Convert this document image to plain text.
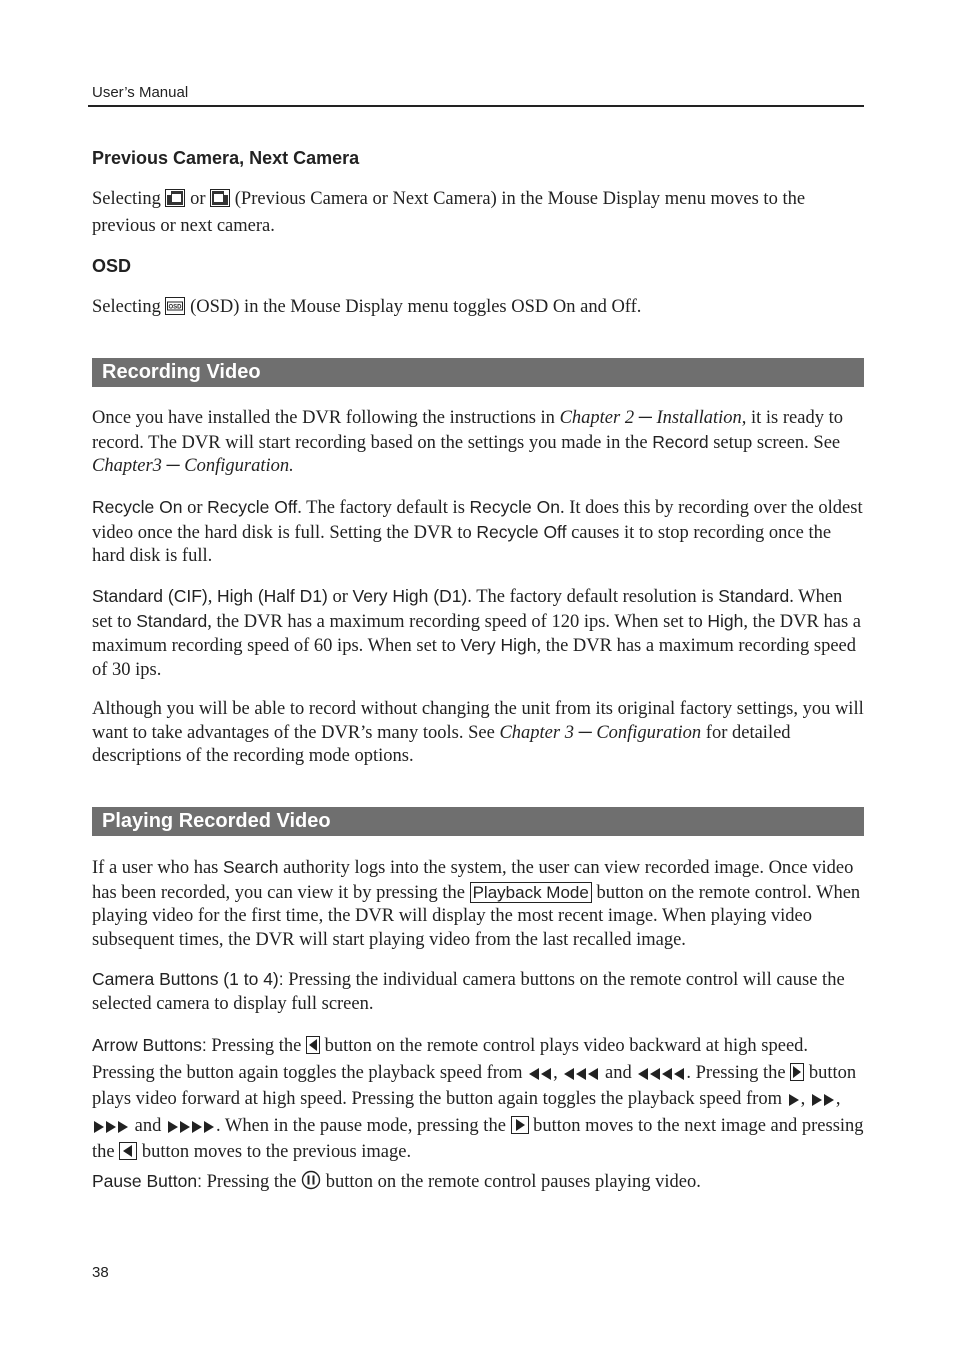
User’s Manual
Previous Camera, Next Camera

Selecting  or  (Previous Camera or Next Camera) in the Mouse Display menu moves to the previous or next camera.

OSD

Selecting OSD (OSD) in the Mouse Display menu toggles OSD On and Off.

Recording Video

Once you have installed the DVR following the instructions in Chapter 2 ─ Installation, it is ready to record. The DVR will start recording based on the settings you made in the Record setup screen. See Chapter3 ─ Configuration.

Recycle On or Recycle Off. The factory default is Recycle On. It does this by recording over the oldest video once the hard disk is full. Setting the DVR to Recycle Off causes it to stop recording once the hard disk is full.

Standard (CIF), High (Half D1) or Very High (D1). The factory default resolution is Standard. When set to Standard, the DVR has a maximum recording speed of 120 ips. When set to High, the DVR has a maximum recording speed of 60 ips. When set to Very High, the DVR has a maximum recording speed of 30 ips.

Although you will be able to record without changing the unit from its original factory settings, you will want to take advantages of the DVR’s many tools. See Chapter 3 ─ Configuration for detailed descriptions of the recording mode options.

Playing Recorded Video

If a user who has Search authority logs into the system, the user can view recorded image. Once video has been recorded, you can view it by pressing the Playback Mode button on the remote control. When playing video for the first time, the DVR will display the most recent image. When playing video subsequent times, the DVR will start playing video from the last recalled image.

Camera Buttons (1 to 4): Pressing the individual camera buttons on the remote control will cause the selected camera to display full screen.

Arrow Buttons: Pressing the  button on the remote control plays video backward at high speed. Pressing the button again toggles the playback speed from ,  and	. Pressing the  button plays video forward at high speed. Pressing the button again toggles the playback speed from , ,  and	. When in the pause mode, pressing the  button moves to the next image and pressing the  button moves to the previous image.

Pause Button: Pressing the  button on the remote control pauses playing video.

38
